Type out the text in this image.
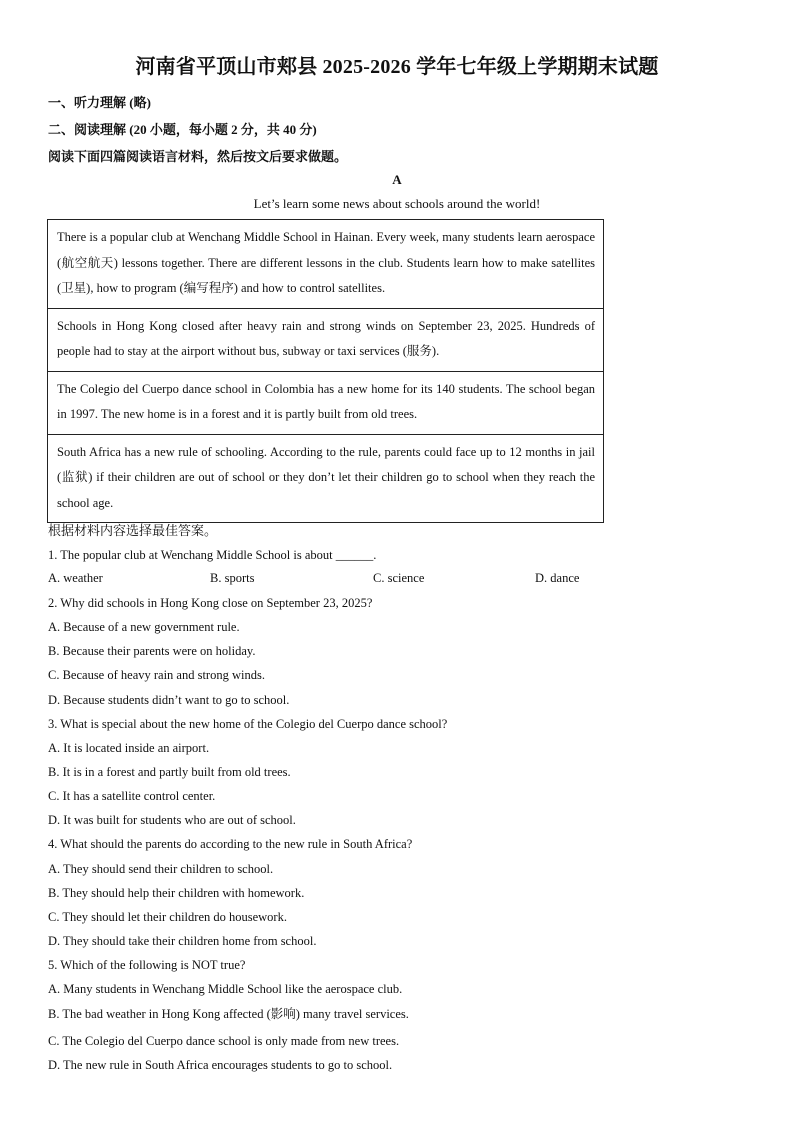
河南省平顶山市郏县 2025-2026 学年七年级上学期期末试题
一、听力理解 (略)
二、阅读理解 (20 小题，每小题 2 分，共 40 分)
阅读下面四篇阅读语言材料，然后按文后要求做题。
A
Let’s learn some news about schools around the world!
There is a popular club at Wenchang Middle School in Hainan. Every week, many students learn aerospace (航空航天) lessons together. There are different lessons in the club. Students learn how to make satellites (卫星), how to program (编写程序) and how to control satellites.
Schools in Hong Kong closed after heavy rain and strong winds on September 23, 2025. Hundreds of people had to stay at the airport without bus, subway or taxi services (服务).
The Colegio del Cuerpo dance school in Colombia has a new home for its 140 students. The school began in 1997. The new home is in a forest and it is partly built from old trees.
South Africa has a new rule of schooling. According to the rule, parents could face up to 12 months in jail (监狱) if their children are out of school or they don’t let their children go to school when they reach the school age.
根据材料内容选择最佳答案。
1. The popular club at Wenchang Middle School is about ______.
A. weather	B. sports	C. science	D. dance
2. Why did schools in Hong Kong close on September 23, 2025?
A. Because of a new government rule.
B. Because their parents were on holiday.
C. Because of heavy rain and strong winds.
D. Because students didn’t want to go to school.
3. What is special about the new home of the Colegio del Cuerpo dance school?
A. It is located inside an airport.
B. It is in a forest and partly built from old trees.
C. It has a satellite control center.
D. It was built for students who are out of school.
4. What should the parents do according to the new rule in South Africa?
A. They should send their children to school.
B. They should help their children with homework.
C. They should let their children do housework.
D. They should take their children home from school.
5. Which of the following is NOT true?
A. Many students in Wenchang Middle School like the aerospace club.
B. The bad weather in Hong Kong affected (影响) many travel services.
C. The Colegio del Cuerpo dance school is only made from new trees.
D. The new rule in South Africa encourages students to go to school.
